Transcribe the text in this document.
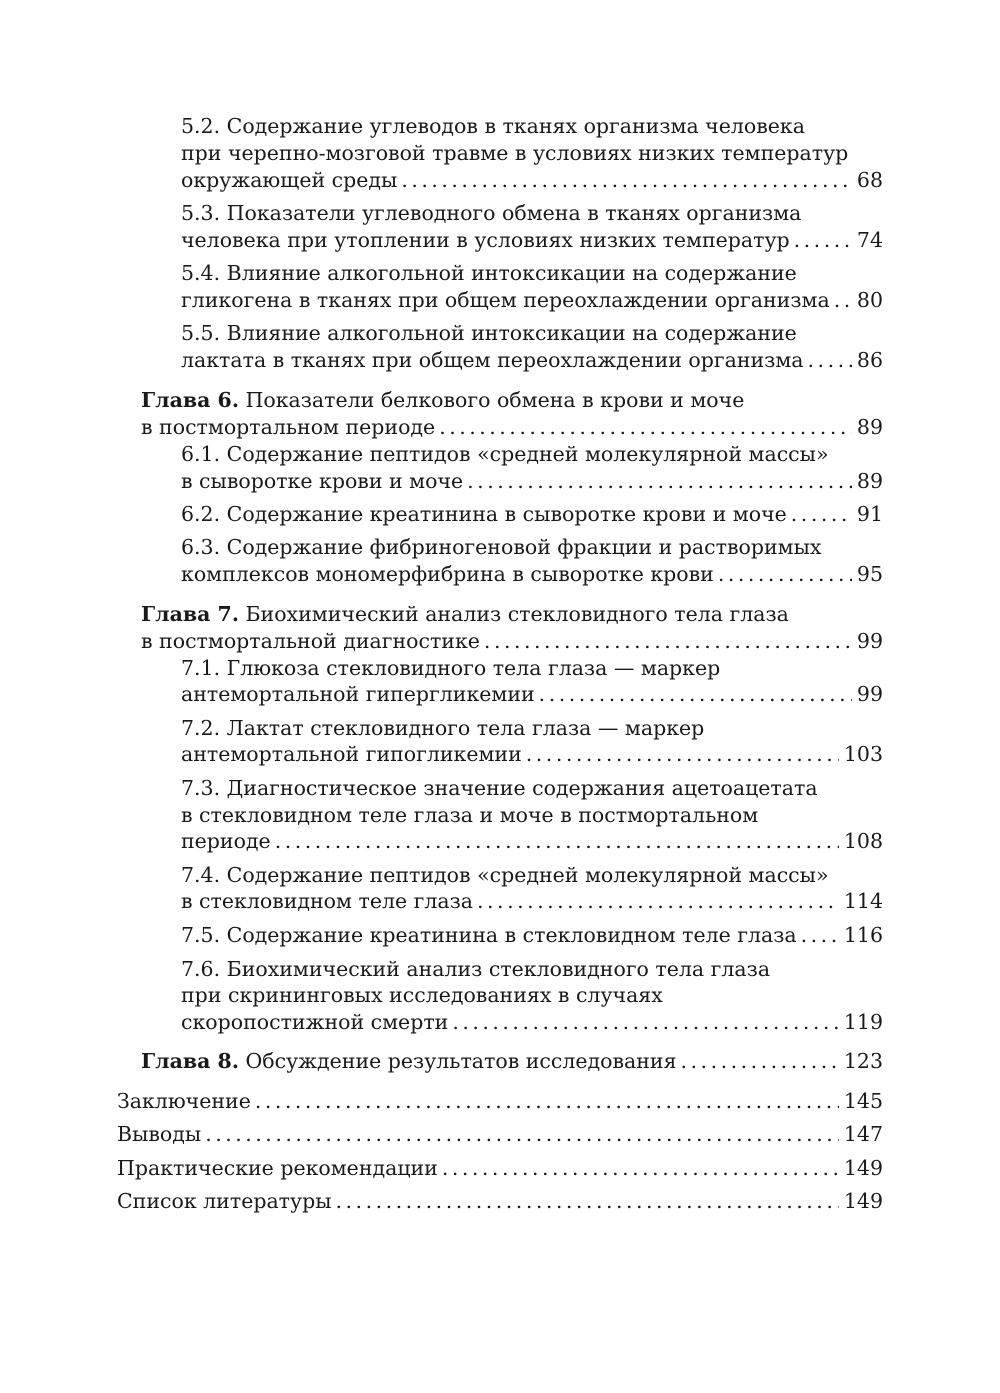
5.2. Содержание углеводов в тканях организма человека
при черепно-мозговой травме в условиях низких температур
окружающей среды .....	68
5.3. Показатели углеводного обмена в тканях организма
человека при утоплении в условиях низких температур .....	74
5.4. Влияние алкогольной интоксикации на содержание
гликогена в тканях при общем переохлаждении организма ..... 80
5.5. Влияние алкогольной интоксикации на содержание
лактата в тканях при общем переохлаждении организма .....	86
Глава 6. Показатели белкового обмена в крови и моче
в постмортальном периоде .....	89
6.1. Содержание пептидов «средней молекулярной массы»
в сыворотке крови и моче .....	89
6.2. Содержание креатинина в сыворотке крови и моче .....	91
6.3. Содержание фибриногеновой фракции и растворимых
комплексов мономерфибрина в сыворотке крови .....	95
Глава 7. Биохимический анализ стекловидного тела глаза
в постмортальной диагностике .....	99
7.1. Глюкоза стекловидного тела глаза — маркер
антемортальной гипергликемии .....	99
7.2. Лактат стекловидного тела глаза — маркер
антемортальной гипогликемии .....	103
7.3. Диагностическое значение содержания ацетоацетата
в стекловидном теле глаза и моче в постмортальном
периоде .....	108
7.4. Содержание пептидов «средней молекулярной массы»
в стекловидном теле глаза .....	114
7.5. Содержание креатинина в стекловидном теле глаза ..... 116
7.6. Биохимический анализ стекловидного тела глаза
при скрининговых исследованиях в случаях
скоропостижной смерти .....	119
Глава 8. Обсуждение результатов исследования .....	123
Заключение .....	145
Выводы .....	147
Практические рекомендации .....	149
Список литературы .....	149
